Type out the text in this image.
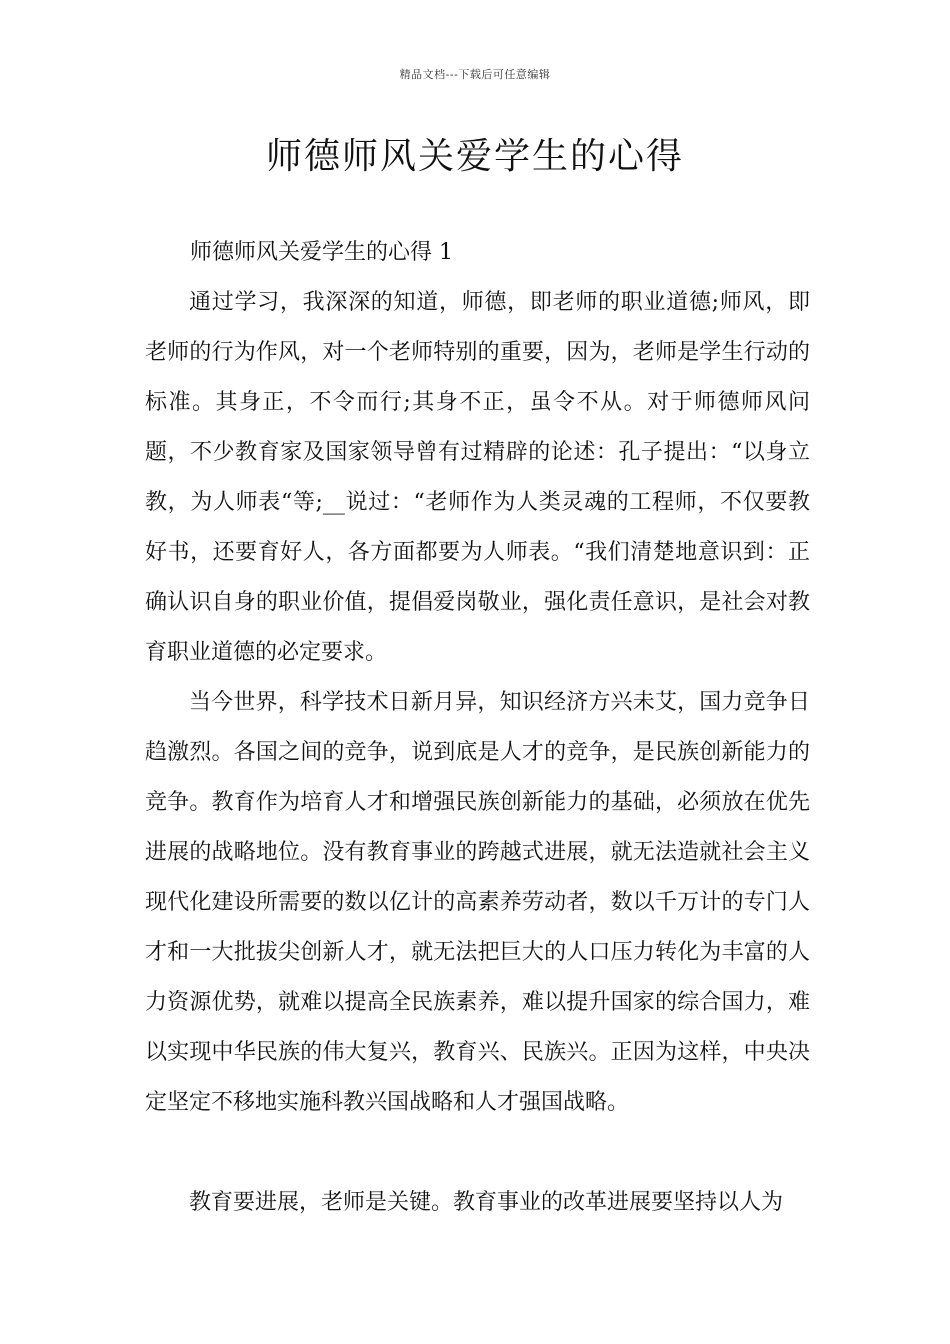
精品文档---下载后可任意编辑
师德师风关爱学生的心得
师德师风关爱学生的心得 1

通过学习，我深深的知道，师德，即老师的职业道德;师风，即老师的行为作风，对一个老师特别的重要，因为，老师是学生行动的标准。其身正，不令而行;其身不正，虽令不从。对于师德师风问题，不少教育家及国家领导曾有过精辟的论述：孔子提出：“以身立教，为人师表“等;__说过：“老师作为人类灵魂的工程师，不仅要教好书，还要育好人，各方面都要为人师表。“我们清楚地意识到：正确认识自身的职业价值，提倡爱岗敬业，强化责任意识，是社会对教育职业道德的必定要求。

当今世界，科学技术日新月异，知识经济方兴未艾，国力竞争日趋激烈。各国之间的竞争，说到底是人才的竞争，是民族创新能力的竞争。教育作为培育人才和增强民族创新能力的基础，必须放在优先进展的战略地位。没有教育事业的跨越式进展，就无法造就社会主义现代化建设所需要的数以亿计的高素养劳动者，数以千万计的专门人才和一大批拔尖创新人才，就无法把巨大的人口压力转化为丰富的人力资源优势，就难以提高全民族素养，难以提升国家的综合国力，难以实现中华民族的伟大复兴，教育兴、民族兴。正因为这样，中央决定坚定不移地实施科教兴国战略和人才强国战略。

教育要进展，老师是关键。教育事业的改革进展要坚持以人为
